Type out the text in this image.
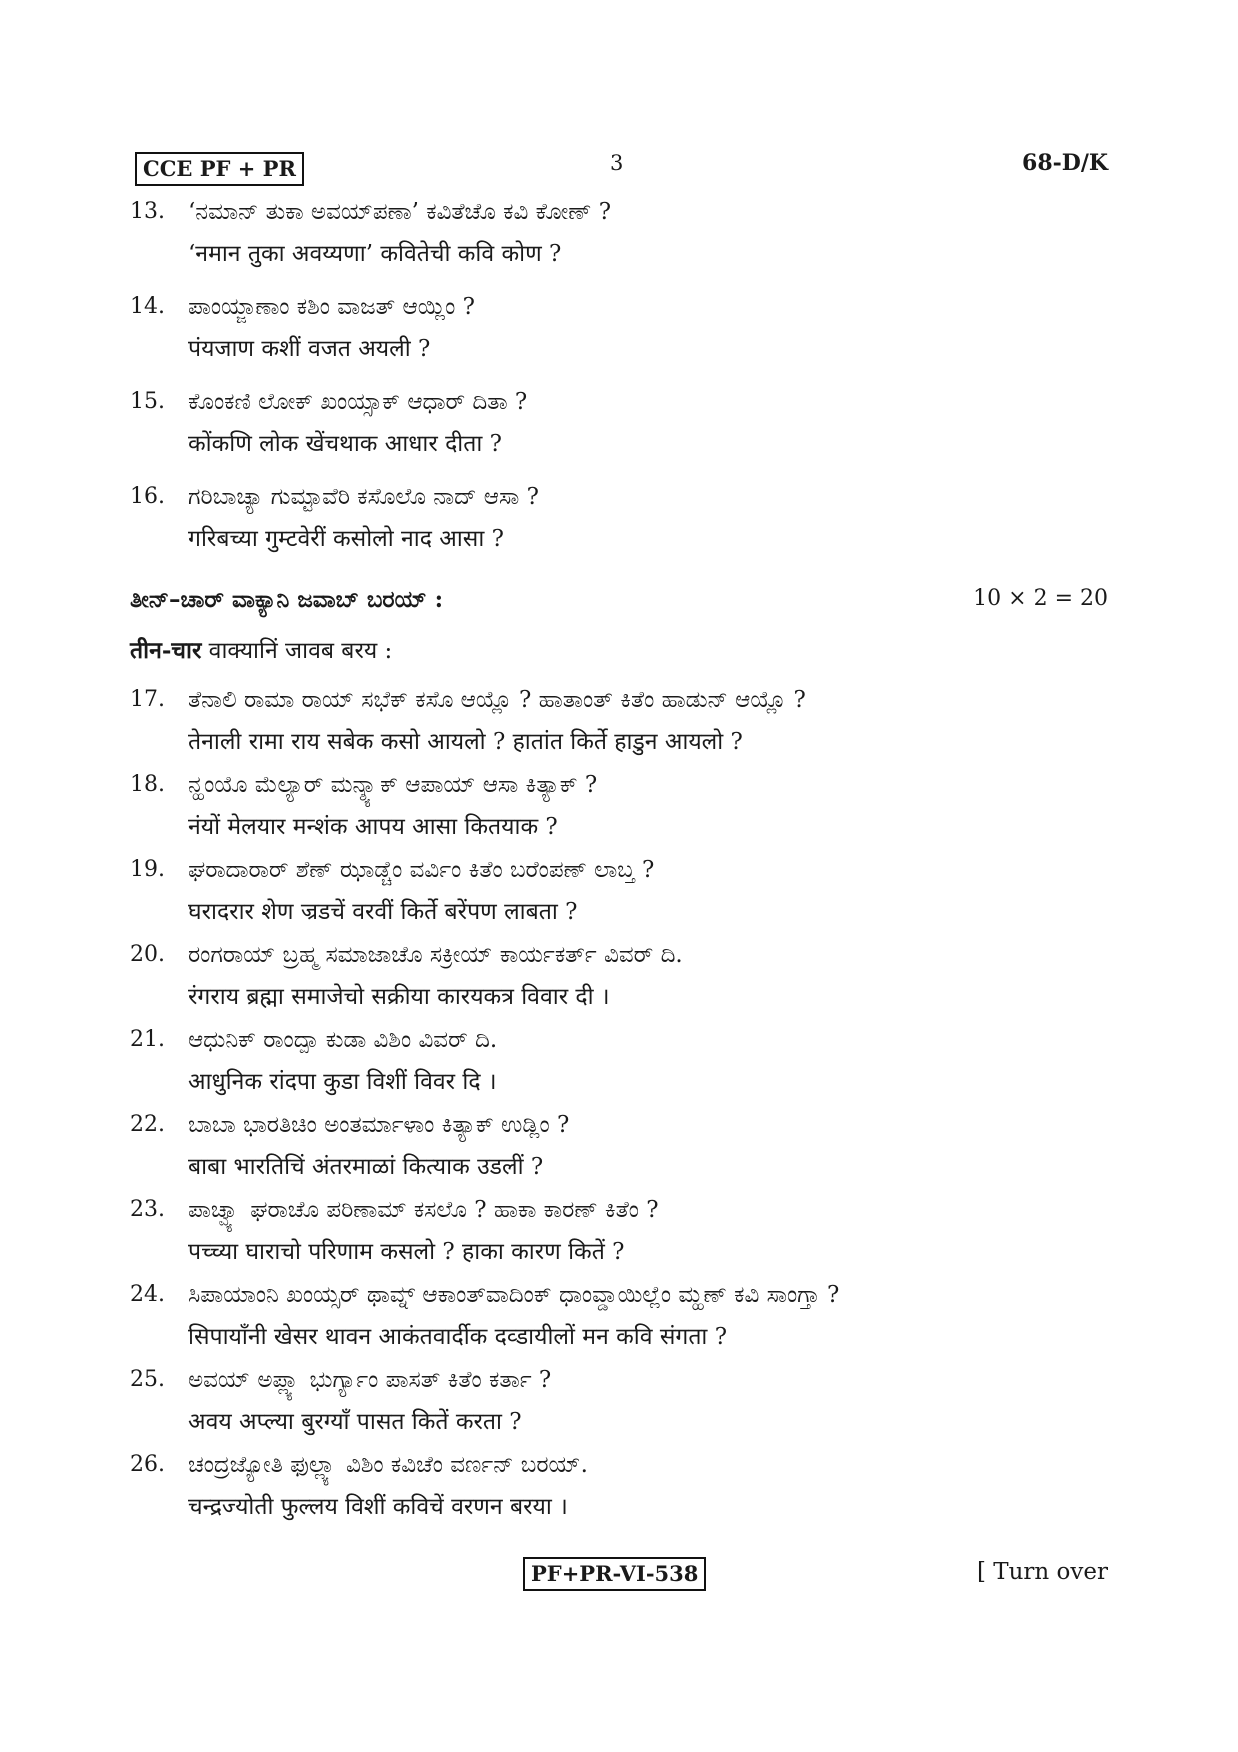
CCE PF + PR	3	68-D/K
13. ‘ನಮಾನ್ ತುಕಾ ಅವಯ್‌ಪಣಾ’ ಕವಿತೆಚೊ ಕವಿ ಕೋಣ್ ?
‘नमान तुका अवय्यणा’ कवितेची कवि कोण ?
14. ಪಾಂಯ್ಜಾಣಾಂ ಕಶಿಂ ವಾಜತ್ ಆಯ್ಲಿಂ ?
पंयजाण कशीं वजत अयली ?
15. ಕೊಂಕಣಿ ಲೋಕ್ ಖಂಯ್ಸಾಕ್ ಆಧಾರ್ ದಿತಾ ?
कोंकणि लोक खेंचथाक आधार दीता ?
16. ಗರಿಬಾಚ್ಯಾ ಗುಮ್ಟಾವೆರಿ ಕಸೊಲೊ ನಾದ್ ಆಸಾ ?
गरिबच्या गुम्टवेरीं कसोलो नाद आसा ?
ತೀನ್–ಚಾರ್ ವಾಕ್ಯಾನಿ ಜವಾಬ್ ಬರಯ್ :	10 × 2 = 20
तीन-चार वाक्यानिं जावब बरय :
17. ತೆನಾಲಿ ರಾಮಾ ರಾಯ್ ಸಭೆಕ್ ಕಸೊ ಆಯ್ಲೊ ? ಹಾತಾಂತ್ ಕಿತೆಂ ಹಾಡುನ್ ಆಯ್ಲೊ ?
तेनाली रामा राय सबेक कसो आयलो ? हातांत किर्ते हाडुन आयलो ?
18. ನ್ಹಂಯೊ ಮೆಲ್ಯಾರ್ ಮನ್ಶ್ಯಾಕ್ ಆಪಾಯ್ ಆಸಾ ಕಿತ್ಯಾಕ್ ?
नंयों मेलयार मन्शंक आपय आसा कितयाक ?
19. ಘರಾದಾರಾರ್ ಶೆಣ್ ಝಾಡ್ಚೆಂ ವರ್ವಿಂ ಕಿತೆಂ ಬರೆಂಪಣ್ ಲಾಬ್ತ ?
घरादरार शेण ज्रडचें वरवीं किर्ते बरेंपण लाबता ?
20. ರಂಗರಾಯ್ ಬ್ರಹ್ಮ ಸಮಾಜಾಚೊ ಸಕ್ರೀಯ್ ಕಾರ್ಯಕರ್ತ್ ವಿವರ್ ದಿ.
रंगराय ब्रह्मा समाजेचो सक्रीया कारयकत्र विवार दी ।
21. ಆಧುನಿಕ್ ರಾಂದ್ಪಾ ಕುಡಾ ವಿಶಿಂ ವಿವರ್ ದಿ.
आधुनिक रांदपा कुडा विशीं विवर दि ।
22. ಬಾಬಾ ಭಾರತಿಚಿಂ ಅಂತರ್ಮಾಳಾಂ ಕಿತ್ಯಾಕ್ ಉಡ್ಲಿಂ ?
बाबा भारतिचिं अंतरमाळां कित्याक उडलीं ?
23. ಪಾಚ್ವ್ಯಾ ಘರಾಚೊ ಪರಿಣಾಮ್ ಕಸಲೊ ? ಹಾಕಾ ಕಾರಣ್ ಕಿತೆಂ ?
पच्च्या घाराचो परिणाम कसलो ? हाका कारण कितें ?
24. ಸಿಪಾಯಾಂನಿ ಖಂಯ್ಸರ್ ಥಾವ್ನ್ ಆಕಾಂತ್‌ವಾದಿಂಕ್ ಧಾಂವ್ಡಾಯಿಲ್ಲೆಂ ಮ್ಹಣ್ ಕವಿ ಸಾಂಗ್ತಾ ?
सिपायाँनी खेसर थावन आकंतवार्दीक दव्डायीलों मन कवि संगता ?
25. ಅವಯ್ ಅಪ್ಲ್ಯಾ ಭುರ್ಗ್ಯಾಂ ಪಾಸತ್ ಕಿತೆಂ ಕರ್ತಾ ?
अवय अप्ल्या बुरग्याँ पासत कितें करता ?
26. ಚಂದ್ರಜ್ಯೋತಿ ಫುಲ್ಲ್ಯಾ ವಿಶಿಂ ಕವಿಚೆಂ ವರ್ಣನ್ ಬರಯ್.
चन्द्रज्योती फुल्लय विशीं कविचें वरणन बरया ।
PF+PR-VI-538	[ Turn over
